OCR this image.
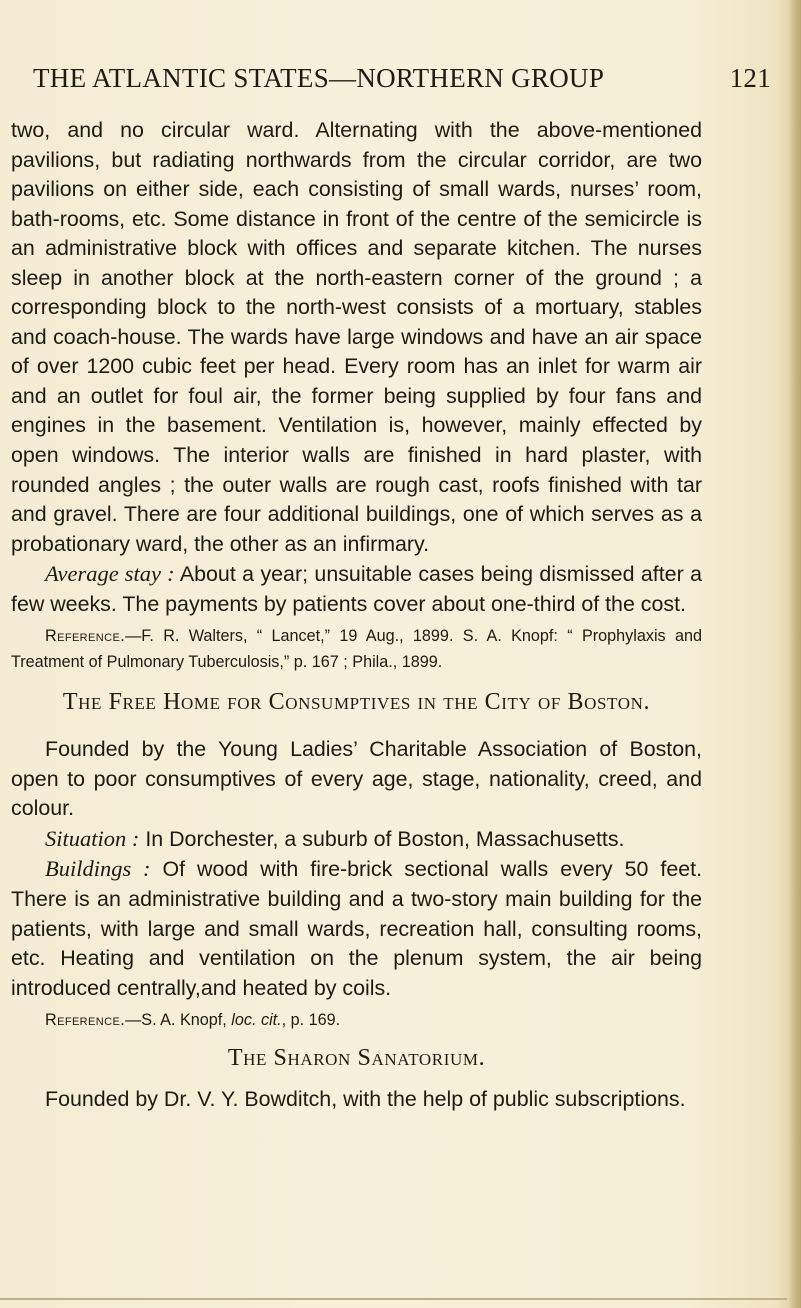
THE ATLANTIC STATES—NORTHERN GROUP	121

two, and no circular ward. Alternating with the above-mentioned pavilions, but radiating northwards from the circular corridor, are two pavilions on either side, each consisting of small wards, nurses’ room, bath-rooms, etc. Some distance in front of the centre of the semicircle is an administrative block with offices and separate kitchen. The nurses sleep in another block at the north-eastern corner of the ground ; a corresponding block to the north-west consists of a mortuary, stables and coach-house. The wards have large windows and have an air space of over 1200 cubic feet per head. Every room has an inlet for warm air and an outlet for foul air, the former being supplied by four fans and engines in the basement. Ventilation is, however, mainly effected by open windows. The interior walls are finished in hard plaster, with rounded angles ; the outer walls are rough cast, roofs finished with tar and gravel. There are four additional buildings, one of which serves as a probationary ward, the other as an infirmary.

Average stay : About a year; unsuitable cases being dismissed after a few weeks. The payments by patients cover about one-third of the cost.

Reference.—F. R. Walters, “ Lancet,” 19 Aug., 1899. S. A. Knopf: “ Prophylaxis and Treatment of Pulmonary Tuberculosis,” p. 167 ; Phila., 1899.

The Free Home for Consumptives in the City of Boston.

Founded by the Young Ladies’ Charitable Association of Boston, open to poor consumptives of every age, stage, nationality, creed, and colour.

Situation : In Dorchester, a suburb of Boston, Massachusetts.

Buildings : Of wood with fire-brick sectional walls every 50 feet. There is an administrative building and a two-story main building for the patients, with large and small wards, recreation hall, consulting rooms, etc. Heating and ventilation on the plenum system, the air being introduced centrally,and heated by coils.

Reference.—S. A. Knopf, loc. cit., p. 169.

The Sharon Sanatorium.

Founded by Dr. V. Y. Bowditch, with the help of public subscriptions.
